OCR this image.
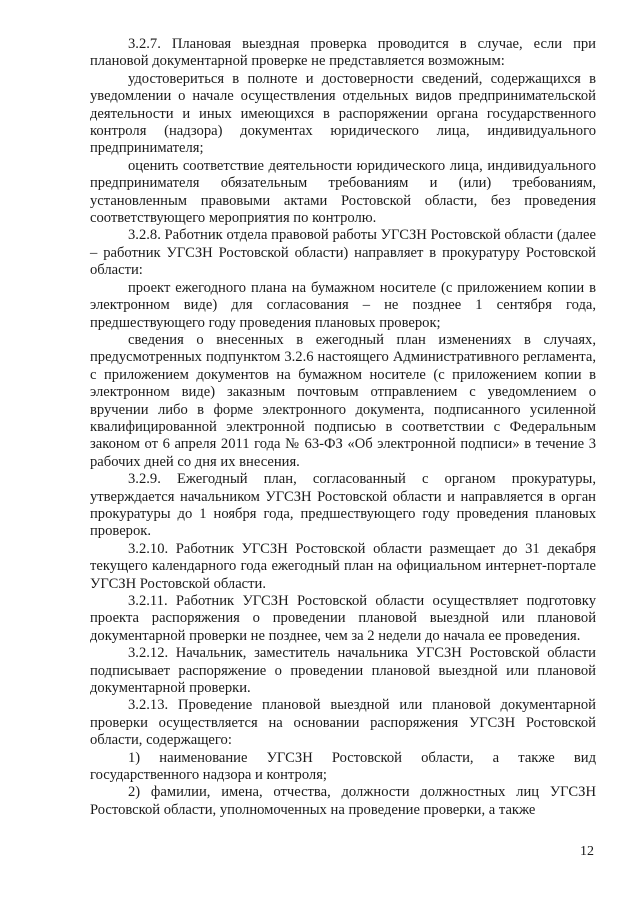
3.2.7. Плановая выездная проверка проводится в случае, если при плановой документарной проверке не представляется возможным:

удостовериться в полноте и достоверности сведений, содержащихся в уведомлении о начале осуществления отдельных видов предпринимательской деятельности и иных имеющихся в распоряжении органа государственного контроля (надзора) документах юридического лица, индивидуального предпринимателя;

оценить соответствие деятельности юридического лица, индивидуального предпринимателя обязательным требованиям и (или) требованиям, установленным правовыми актами Ростовской области, без проведения соответствующего мероприятия по контролю.

3.2.8. Работник отдела правовой работы УГСЗН Ростовской области (далее – работник УГСЗН Ростовской области) направляет в прокуратуру Ростовской области:

проект ежегодного плана на бумажном носителе (с приложением копии в электронном виде) для согласования – не позднее 1 сентября года, предшествующего году проведения плановых проверок;

сведения о внесенных в ежегодный план изменениях в случаях, предусмотренных подпунктом 3.2.6 настоящего Административного регламента, с приложением документов на бумажном носителе (с приложением копии в электронном виде) заказным почтовым отправлением с уведомлением о вручении либо в форме электронного документа, подписанного усиленной квалифицированной электронной подписью в соответствии с Федеральным законом от 6 апреля 2011 года № 63-ФЗ «Об электронной подписи» в течение 3 рабочих дней со дня их внесения.

3.2.9. Ежегодный план, согласованный с органом прокуратуры, утверждается начальником УГСЗН Ростовской области и направляется в орган прокуратуры до 1 ноября года, предшествующего году проведения плановых проверок.

3.2.10. Работник УГСЗН Ростовской области размещает до 31 декабря текущего календарного года ежегодный план на официальном интернет-портале УГСЗН Ростовской области.

3.2.11. Работник УГСЗН Ростовской области осуществляет подготовку проекта распоряжения о проведении плановой выездной или плановой документарной проверки не позднее, чем за 2 недели до начала ее проведения.

3.2.12. Начальник, заместитель начальника УГСЗН Ростовской области подписывает распоряжение о проведении плановой выездной или плановой документарной проверки.

3.2.13. Проведение плановой выездной или плановой документарной проверки осуществляется на основании распоряжения УГСЗН Ростовской области, содержащего:

1) наименование УГСЗН Ростовской области, а также вид государственного надзора и контроля;

2) фамилии, имена, отчества, должности должностных лиц УГСЗН Ростовской области, уполномоченных на проведение проверки, а также

12
